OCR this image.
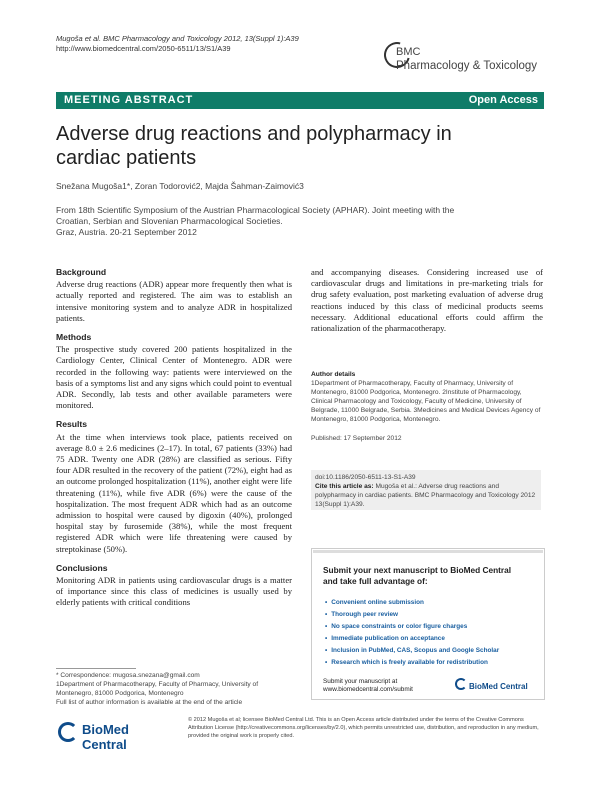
Mugoša et al. BMC Pharmacology and Toxicology 2012, 13(Suppl 1):A39
http://www.biomedcentral.com/2050-6511/13/S1/A39	BMC
Pharmacology & Toxicology
MEETING ABSTRACT	Open Access
Adverse drug reactions and polypharmacy in
cardiac patients
Snežana Mugoša1*, Zoran Todorović2, Majda Šahman-Zaimović3
From 18th Scientific Symposium of the Austrian Pharmacological Society (APHAR). Joint meeting with the
Croatian, Serbian and Slovenian Pharmacological Societies.
Graz, Austria. 20-21 September 2012
Background

Adverse drug reactions (ADR) appear more frequently then what is actually reported and registered. The aim was to establish an intensive monitoring system and to analyze ADR in hospitalized patients.

Methods

The prospective study covered 200 patients hospitalized in the Cardiology Center, Clinical Center of Montenegro. ADR were recorded in the following way: patients were interviewed on the basis of a symptoms list and any signs which could point to eventual ADR. Secondly, lab tests and other available parameters were monitored.

Results

At the time when interviews took place, patients received on average 8.0 ± 2.6 medicines (2–17). In total, 67 patients (33%) had 75 ADR. Twenty one ADR (28%) are classified as serious. Fifty four ADR resulted in the recovery of the patient (72%), eight had as an outcome prolonged hospitalization (11%), another eight were life threatening (11%), while five ADR (6%) were the cause of the hospitalization. The most frequent ADR which had as an outcome admission to hospital were caused by digoxin (40%), prolonged hospital stay by furosemide (38%), while the most frequent registered ADR which were life threatening were caused by streptokinase (50%).

Conclusions

Monitoring ADR in patients using cardiovascular drugs is a matter of importance since this class of medicines is usually used by elderly patients with critical conditions

* Correspondence: mugosa.snezana@gmail.com
1Department of Pharmacotherapy, Faculty of Pharmacy, University of Montenegro, 81000 Podgorica, Montenegro
Full list of author information is available at the end of the article

and accompanying diseases. Considering increased use of cardiovascular drugs and limitations in pre-marketing trials for drug safety evaluation, post marketing evaluation of adverse drug reactions induced by this class of medicinal products seems necessary. Additional educational efforts could affirm the rationalization of the pharmacotherapy.

Author details
1Department of Pharmacotherapy, Faculty of Pharmacy, University of Montenegro, 81000 Podgorica, Montenegro. 2Institute of Pharmacology, Clinical Pharmacology and Toxicology, Faculty of Medicine, University of Belgrade, 11000 Belgrade, Serbia. 3Medicines and Medical Devices Agency of Montenegro, 81000 Podgorica, Montenegro.
Published: 17 September 2012
doi:10.1186/2050-6511-13-S1-A39
Cite this article as: Mugoša et al.: Adverse drug reactions and polypharmacy in cardiac patients. BMC Pharmacology and Toxicology 2012 13(Suppl 1):A39.
Submit your next manuscript to BioMed Central
and take full advantage of:
• Convenient online submission
• Thorough peer review
• No space constraints or color figure charges
• Immediate publication on acceptance
• Inclusion in PubMed, CAS, Scopus and Google Scholar
• Research which is freely available for redistribution
Submit your manuscript at
www.biomedcentral.com/submit	BioMed Central
BioMed Central
© 2012 Mugoša et al; licensee BioMed Central Ltd. This is an Open Access article distributed under the terms of the Creative Commons Attribution License (http://creativecommons.org/licenses/by/2.0), which permits unrestricted use, distribution, and reproduction in any medium, provided the original work is properly cited.
